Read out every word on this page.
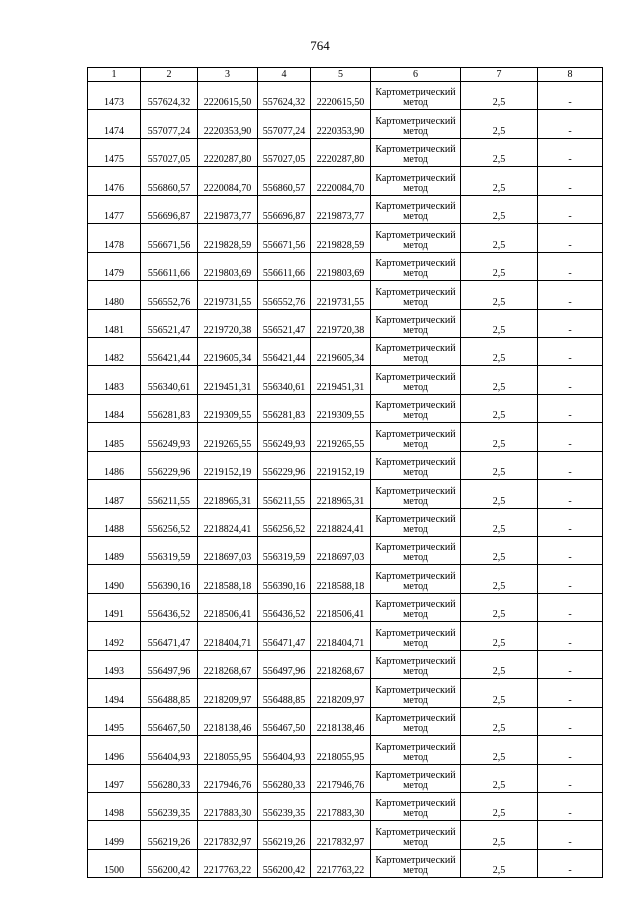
764
1	2	3	4	5	6	7	8
1473	557624,32	2220615,50	557624,32	2220615,50	Картометрический метод	2,5	-
1474	557077,24	2220353,90	557077,24	2220353,90	Картометрический метод	2,5	-
1475	557027,05	2220287,80	557027,05	2220287,80	Картометрический метод	2,5	-
1476	556860,57	2220084,70	556860,57	2220084,70	Картометрический метод	2,5	-
1477	556696,87	2219873,77	556696,87	2219873,77	Картометрический метод	2,5	-
1478	556671,56	2219828,59	556671,56	2219828,59	Картометрический метод	2,5	-
1479	556611,66	2219803,69	556611,66	2219803,69	Картометрический метод	2,5	-
1480	556552,76	2219731,55	556552,76	2219731,55	Картометрический метод	2,5	-
1481	556521,47	2219720,38	556521,47	2219720,38	Картометрический метод	2,5	-
1482	556421,44	2219605,34	556421,44	2219605,34	Картометрический метод	2,5	-
1483	556340,61	2219451,31	556340,61	2219451,31	Картометрический метод	2,5	-
1484	556281,83	2219309,55	556281,83	2219309,55	Картометрический метод	2,5	-
1485	556249,93	2219265,55	556249,93	2219265,55	Картометрический метод	2,5	-
1486	556229,96	2219152,19	556229,96	2219152,19	Картометрический метод	2,5	-
1487	556211,55	2218965,31	556211,55	2218965,31	Картометрический метод	2,5	-
1488	556256,52	2218824,41	556256,52	2218824,41	Картометрический метод	2,5	-
1489	556319,59	2218697,03	556319,59	2218697,03	Картометрический метод	2,5	-
1490	556390,16	2218588,18	556390,16	2218588,18	Картометрический метод	2,5	-
1491	556436,52	2218506,41	556436,52	2218506,41	Картометрический метод	2,5	-
1492	556471,47	2218404,71	556471,47	2218404,71	Картометрический метод	2,5	-
1493	556497,96	2218268,67	556497,96	2218268,67	Картометрический метод	2,5	-
1494	556488,85	2218209,97	556488,85	2218209,97	Картометрический метод	2,5	-
1495	556467,50	2218138,46	556467,50	2218138,46	Картометрический метод	2,5	-
1496	556404,93	2218055,95	556404,93	2218055,95	Картометрический метод	2,5	-
1497	556280,33	2217946,76	556280,33	2217946,76	Картометрический метод	2,5	-
1498	556239,35	2217883,30	556239,35	2217883,30	Картометрический метод	2,5	-
1499	556219,26	2217832,97	556219,26	2217832,97	Картометрический метод	2,5	-
1500	556200,42	2217763,22	556200,42	2217763,22	Картометрический метод	2,5	-
